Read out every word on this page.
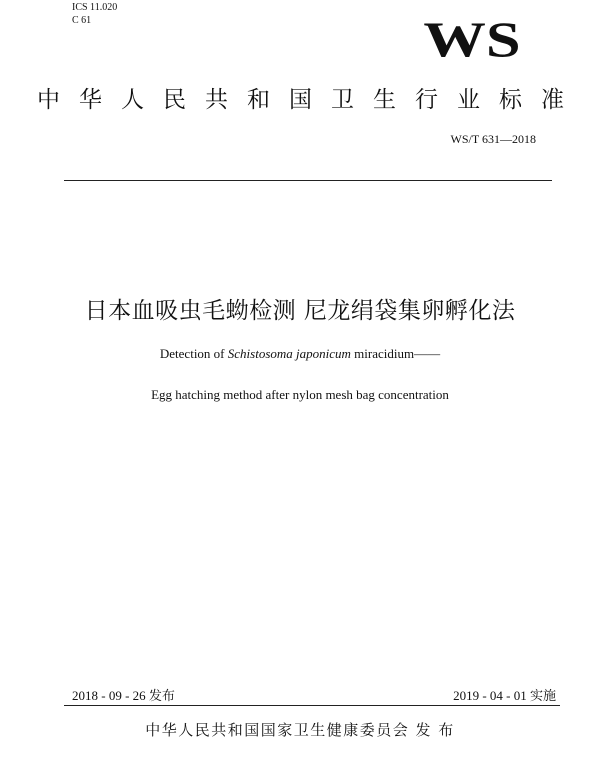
ICS 11.020
C 61	WS
中华人民共和国卫生行业标准
WS/T 631—2018
日本血吸虫毛蚴检测 尼龙绢袋集卵孵化法
Detection of Schistosoma japonicum miracidium——
Egg hatching method after nylon mesh bag concentration
2018 - 09 - 26 发布	2019 - 04 - 01 实施
中华人民共和国国家卫生健康委员会 发 布
